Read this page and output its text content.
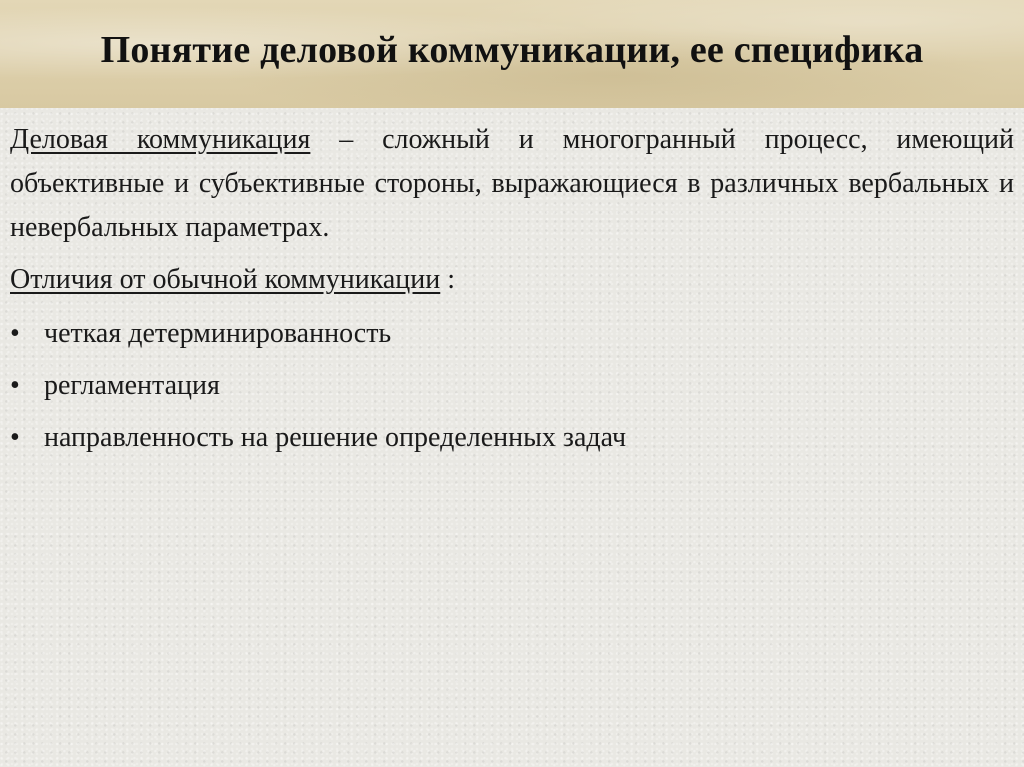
Понятие деловой коммуникации, ее специфика

Деловая коммуникация – сложный и многогранный процесс, имеющий объективные и субъективные стороны, выражающиеся в различных вербальных и невербальных параметрах.

Отличия от обычной коммуникации :

• четкая детерминированность
• регламентация
• направленность на решение определенных задач
